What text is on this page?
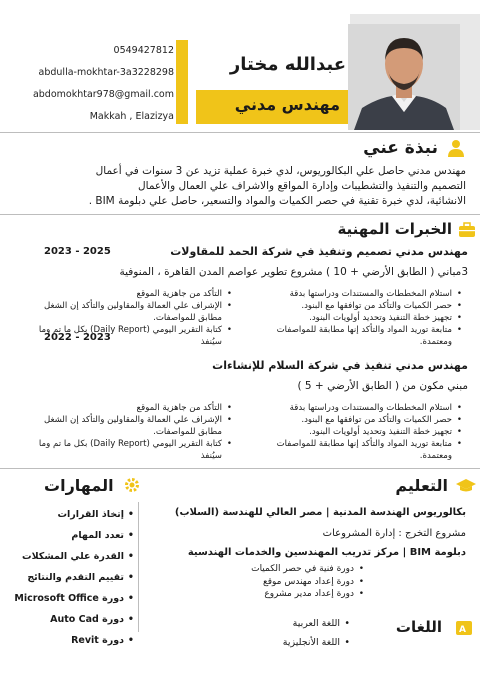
0549427812
abdulla-mokhtar-3a3228298
abdomokhtar978@gmail.com
Makkah , Elazizya
عبدالله مختار
مهندس مدني
نبذة عني
مهندس مدني حاصل علي البكالوريوس، لدي خبرة عملية تزيد عن 3 سنوات في أعمال
التصميم والتنفيذ والتشطيبات وإدارة المواقع والاشراف علي العمال والأعمال
الانشائية، لدي خبرة تقنية في حصر الكميات والمواد والتسعير، حاصل علي دبلومة BIM .
الخبرات المهنية
2023 - 2025	مهندس مدني تصميم وتنفيذ في شركة الحمد للمقاولات
3مباني ( الطابق الأرضي + 10 ) مشروع تطوير عواصم المدن القاهرة ، المنوفية
• استلام المخططات والمستندات ودراستها بدقة
• حصر الكميات والتأكد من توافقها مع البنود.
• تجهيز خطة التنفيذ وتحديد أولويات البنود.
• متابعة توريد المواد والتأكد إنها مطابقة للمواصفات ومعتمدة.
• التأكد من جاهزية الموقع
• الإشراف علي العمالة والمقاولين والتأكد إن الشغل مطابق للمواصفات.
• كتابة التقرير اليومي (Daily Report) بكل ما تم وما سيُنفذ
2022 - 2023
مهندس مدني تنفيذ في شركة السلام للإنشاءات
مبني مكون من ( الطابق الأرضي + 5 )
• استلام المخططات والمستندات ودراستها بدقة
• حصر الكميات والتأكد من توافقها مع البنود.
• تجهيز خطة التنفيذ وتحديد أولويات البنود.
• متابعة توريد المواد والتأكد إنها مطابقة للمواصفات ومعتمدة.
• التأكد من جاهزية الموقع
• الإشراف علي العمالة والمقاولين والتأكد إن الشغل مطابق للمواصفات.
• كتابة التقرير اليومي (Daily Report) بكل ما تم وما سيُنفذ
المهارات
• إتخاذ القرارات
• تعدد المهام
• القدرة علي المشكلات
• تقييم التقدم والنتائج
• دورة Microsoft Office
• دورة Auto Cad
• دورة Revit
التعليم
بكالوريوس الهندسة المدنية | مصر العالي للهندسة (السلاب)
مشروع التخرج : إدارة المشروعات
دبلومة BIM | مركز تدريب المهندسين والخدمات الهندسية
• دورة فنية في حصر الكميات
• دورة إعداد مهندس موقع
• دورة إعداد مدير مشروع
A
اللغات
• اللغة العربية
• اللغة الأنجليزية
